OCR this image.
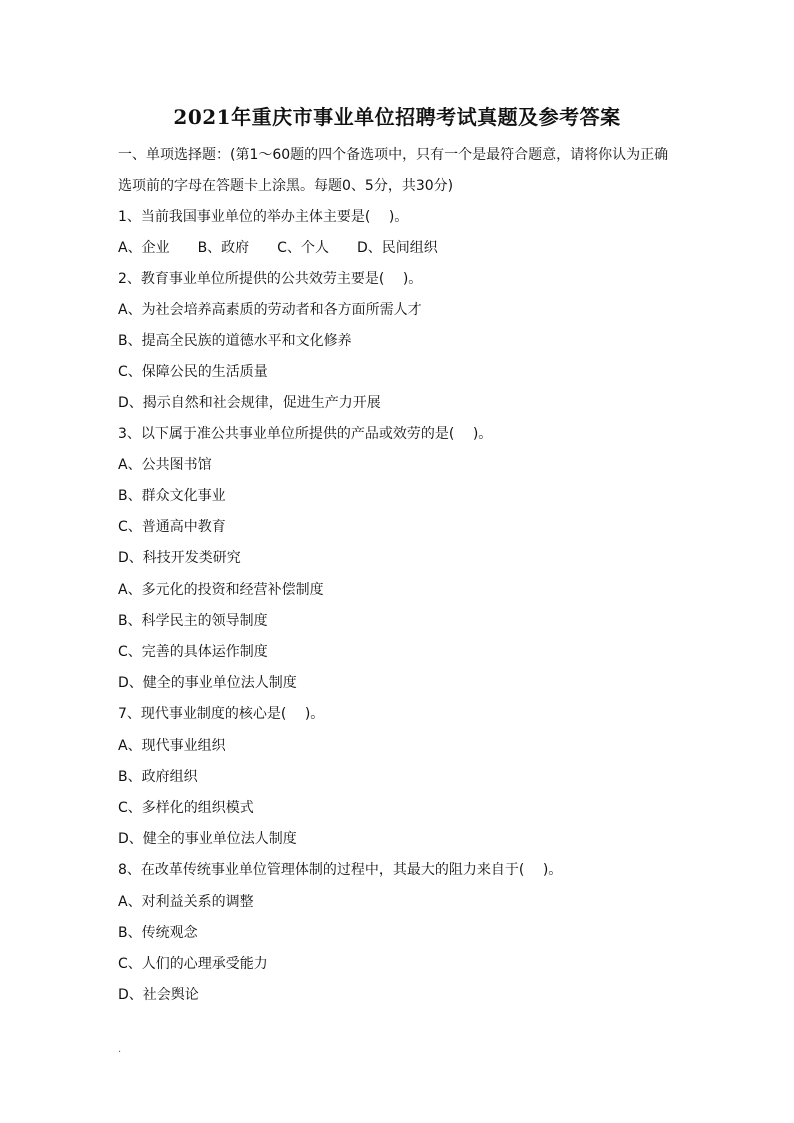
2021年重庆市事业单位招聘考试真题及参考答案

一、单项选择题：(第1～60题的四个备选项中，只有一个是最符合题意，请将你认为正确

选项前的字母在答题卡上涂黑。每题0、5分，共30分)

1、当前我国事业单位的举办主体主要是(　 )。

A、企业　　B、政府　　C、个人　　D、民间组织

2、教育事业单位所提供的公共效劳主要是(　 )。

A、为社会培养高素质的劳动者和各方面所需人才

B、提高全民族的道德水平和文化修养

C、保障公民的生活质量

D、揭示自然和社会规律，促进生产力开展

3、以下属于准公共事业单位所提供的产品或效劳的是(　 )。

A、公共图书馆

B、群众文化事业

C、普通高中教育

D、科技开发类研究

A、多元化的投资和经营补偿制度

B、科学民主的领导制度

C、完善的具体运作制度

D、健全的事业单位法人制度

7、现代事业制度的核心是(　 )。

A、现代事业组织

B、政府组织

C、多样化的组织模式

D、健全的事业单位法人制度

8、在改革传统事业单位管理体制的过程中，其最大的阻力来自于(　 )。

A、对利益关系的调整

B、传统观念

C、人们的心理承受能力

D、社会舆论

.
